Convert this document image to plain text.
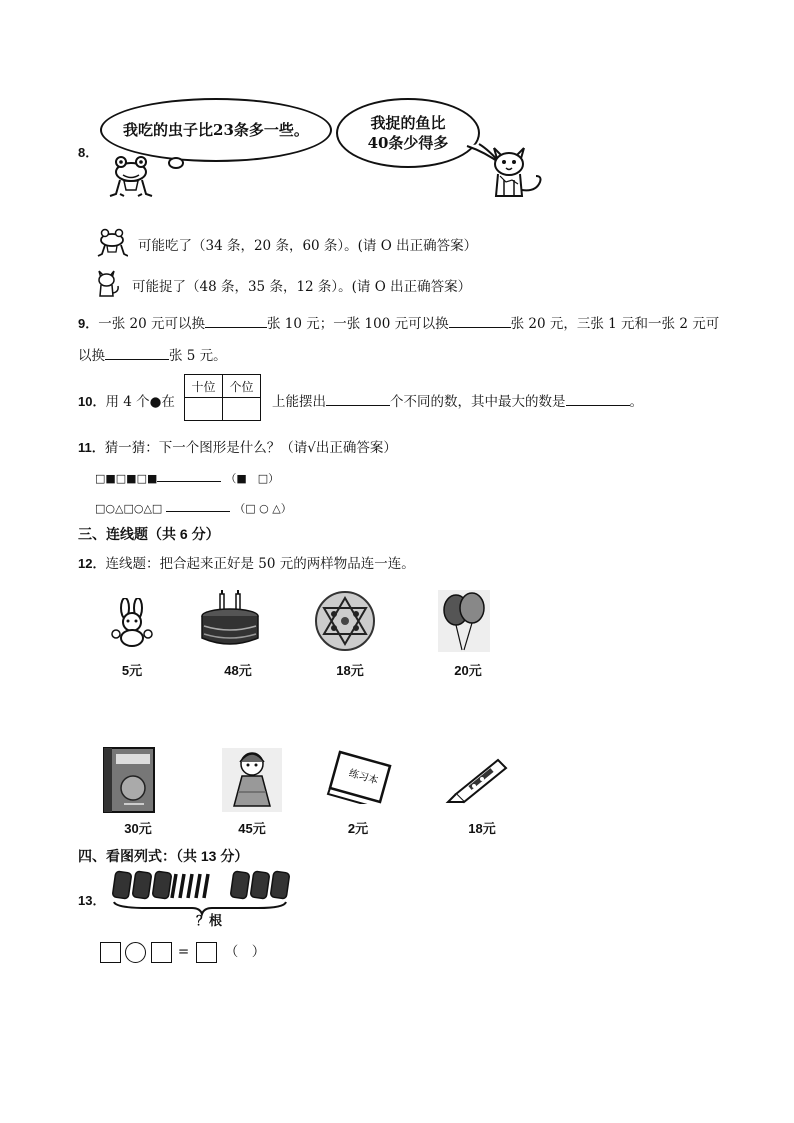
8．
我吃的虫子比23条多一些。	我捉的鱼比
40条少得多
可能吃了（34 条，20 条，60 条）。(请 O 出正确答案）
可能捉了（48 条，35 条，12 条）。(请 O 出正确答案）
9．一张 20 元可以换	张 10 元；一张 100 元可以换	张 20 元，三张 1 元和一张 2 元可
以换	张 5 元。
10．用 4 个●在
十位	个位

上能摆出	个不同的数，其中最大的数是	。
11．猜一猜：下一个图形是什么？（请√出正确答案）
□■□■□■	（■　□）
□○△□○△□	（□ ○ △）
三、连线题（共 6 分）
12．连线题：把合起来正好是 50 元的两样物品连一连。
5元	48元	18元	20元
练习本
30元	45元	2元	18元
四、看图列式：（共 13 分）
13．
？根
=	（　）
